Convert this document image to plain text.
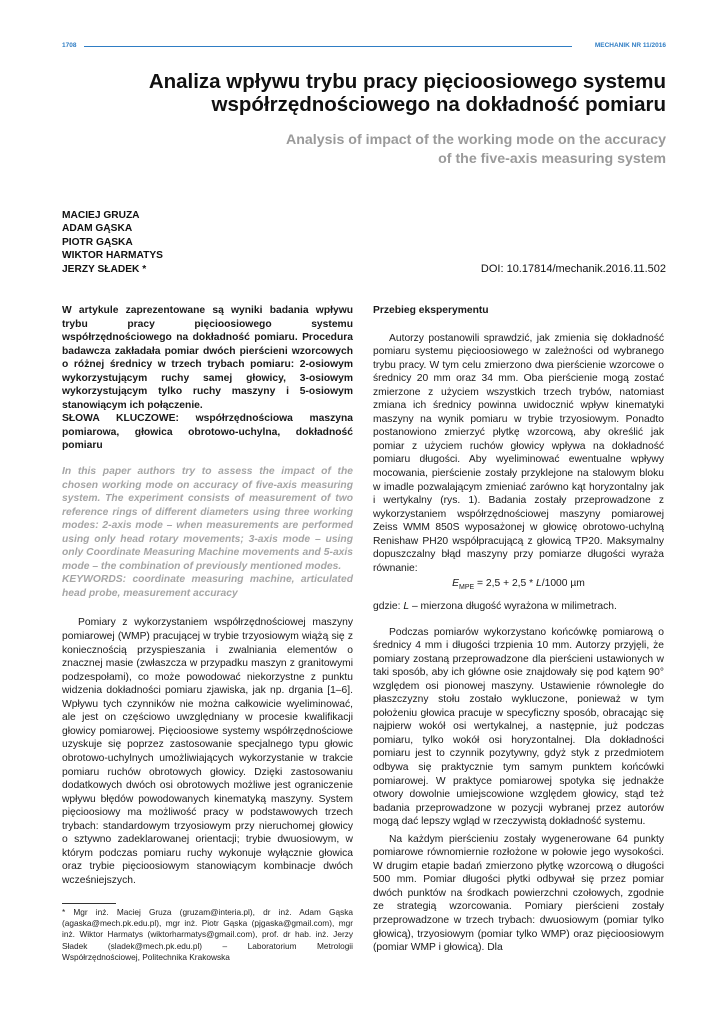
1708	MECHANIK NR 11/2016
Analiza wpływu trybu pracy pięcioosiowego systemu
współrzędnościowego na dokładność pomiaru
Analysis of impact of the working mode on the accuracy
of the five-axis measuring system
MACIEJ GRUZA
ADAM GĄSKA
PIOTR GĄSKA
WIKTOR HARMATYS
JERZY SŁADEK *	DOI: 10.17814/mechanik.2016.11.502

W artykule zaprezentowane są wyniki badania wpływu trybu pracy pięcioosiowego systemu współrzędnościowego na dokładność pomiaru. Procedura badawcza zakładała pomiar dwóch pierścieni wzorcowych o różnej średnicy w trzech trybach pomiaru: 2-osiowym wykorzystującym ruchy samej głowicy, 3-osiowym wykorzystującym tylko ruchy maszyny i 5-osiowym stanowiącym ich połączenie.
SŁOWA KLUCZOWE: współrzędnościowa maszyna pomiarowa, głowica obrotowo-uchylna, dokładność pomiaru

In this paper authors try to assess the impact of the chosen working mode on accuracy of five-axis measuring system. The experiment consists of measurement of two reference rings of different diameters using three working modes: 2-axis mode – when measurements are performed using only head rotary movements; 3-axis mode – using only Coordinate Measuring Machine movements and 5-axis mode – the combination of previously mentioned modes.
KEYWORDS: coordinate measuring machine, articulated head probe, measurement accuracy

Pomiary z wykorzystaniem współrzędnościowej maszyny pomiarowej (WMP) pracującej w trybie trzyosiowym wiążą się z koniecznością przyspieszania i zwalniania elementów o znacznej masie (zwłaszcza w przypadku maszyn z granitowymi podzespołami), co może powodować niekorzystne z punktu widzenia dokładności pomiaru zjawiska, jak np. drgania [1–6]. Wpływu tych czynników nie można całkowicie wyeliminować, ale jest on częściowo uwzględniany w procesie kwalifikacji głowicy pomiarowej. Pięcioosiowe systemy współrzędnościowe uzyskuje się poprzez zastosowanie specjalnego typu głowic obrotowo-uchylnych umożliwiających wykorzystanie w trakcie pomiaru ruchów obrotowych głowicy. Dzięki zastosowaniu dodatkowych dwóch osi obrotowych możliwe jest ograniczenie wpływu błędów powodowanych kinematyką maszyny. System pięcioosiowy ma możliwość pracy w podstawowych trzech trybach: standardowym trzyosiowym przy nieruchomej głowicy o sztywno zadeklarowanej orientacji; trybie dwuosiowym, w którym podczas pomiaru ruchy wykonuje wyłącznie głowica oraz trybie pięcioosiowym stanowiącym kombinacje dwóch wcześniejszych.

* Mgr inż. Maciej Gruza (gruzam@interia.pl), dr inż. Adam Gąska (agaska@mech.pk.edu.pl), mgr inż. Piotr Gąska (pjgaska@gmail.com), mgr inż. Wiktor Harmatys (wiktorharmatys@gmail.com), prof. dr hab. inż. Jerzy Sładek (sladek@mech.pk.edu.pl) – Laboratorium Metrologii Współrzędnościowej, Politechnika Krakowska

Przebieg eksperymentu

Autorzy postanowili sprawdzić, jak zmienia się dokładność pomiaru systemu pięcioosiowego w zależności od wybranego trybu pracy. W tym celu zmierzono dwa pierścienie wzorcowe o średnicy 20 mm oraz 34 mm. Oba pierścienie mogą zostać zmierzone z użyciem wszystkich trzech trybów, natomiast zmiana ich średnicy powinna uwidocznić wpływ kinematyki maszyny na wynik pomiaru w trybie trzyosiowym. Ponadto postanowiono zmierzyć płytkę wzorcową, aby określić jak pomiar z użyciem ruchów głowicy wpływa na dokładność pomiaru długości. Aby wyeliminować ewentualne wpływy mocowania, pierścienie zostały przyklejone na stalowym bloku w imadle pozwalającym zmieniać zarówno kąt horyzontalny jak i wertykalny (rys. 1). Badania zostały przeprowadzone z wykorzystaniem współrzędnościowej maszyny pomiarowej Zeiss WMM 850S wyposażonej w głowicę obrotowo-uchylną Renishaw PH20 współpracującą z głowicą TP20. Maksymalny dopuszczalny błąd maszyny przy pomiarze długości wyraża równanie:

$E_{MPE} = 2,5 + 2,5 * L/1000$ µm

gdzie: L – mierzona długość wyrażona w milimetrach.

Podczas pomiarów wykorzystano końcówkę pomiarową o średnicy 4 mm i długości trzpienia 10 mm. Autorzy przyjęli, że pomiary zostaną przeprowadzone dla pierścieni ustawionych w taki sposób, aby ich główne osie znajdowały się pod kątem 90° względem osi pionowej maszyny. Ustawienie równoległe do płaszczyzny stołu zostało wykluczone, ponieważ w tym położeniu głowica pracuje w specyficzny sposób, obracając się najpierw wokół osi wertykalnej, a następnie, już podczas pomiaru, tylko wokół osi horyzontalnej. Dla dokładności pomiaru jest to czynnik pozytywny, gdyż styk z przedmiotem odbywa się praktycznie tym samym punktem końcówki pomiarowej. W praktyce pomiarowej spotyka się jednakże otwory dowolnie umiejscowione względem głowicy, stąd też badania przeprowadzone w pozycji wybranej przez autorów mogą dać lepszy wgląd w rzeczywistą dokładność systemu.

Na każdym pierścieniu zostały wygenerowane 64 punkty pomiarowe równomiernie rozłożone w połowie jego wysokości. W drugim etapie badań zmierzono płytkę wzorcową o długości 500 mm. Pomiar długości płytki odbywał się przez pomiar dwóch punktów na środkach powierzchni czołowych, zgodnie ze strategią wzorcowania. Pomiary pierścieni zostały przeprowadzone w trzech trybach: dwuosiowym (pomiar tylko głowicą), trzyosiowym (pomiar tylko WMP) oraz pięcioosiowym (pomiar WMP i głowicą). Dla
